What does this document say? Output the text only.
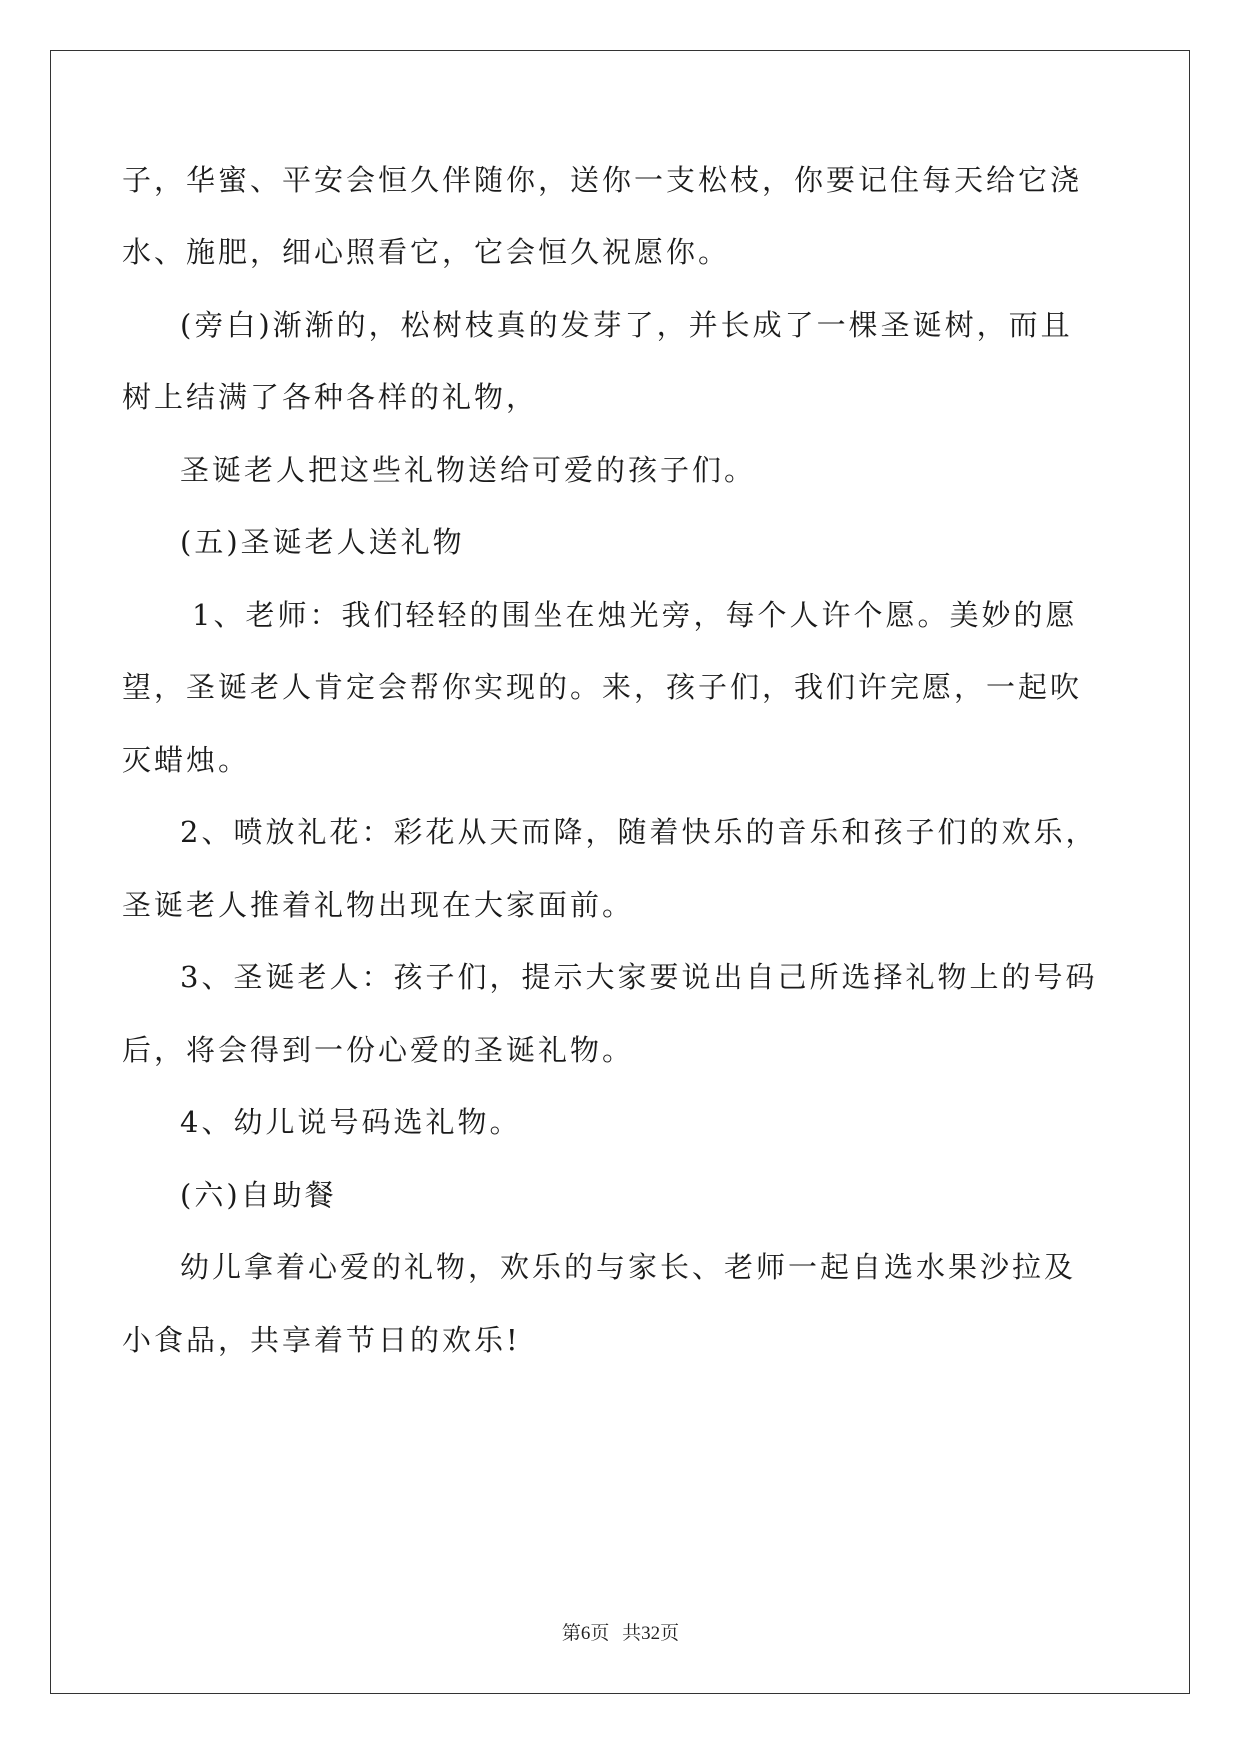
子，华蜜、平安会恒久伴随你，送你一支松枝，你要记住每天给它浇
水、施肥，细心照看它，它会恒久祝愿你。
(旁白)渐渐的，松树枝真的发芽了，并长成了一棵圣诞树，而且
树上结满了各种各样的礼物，
圣诞老人把这些礼物送给可爱的孩子们。
(五)圣诞老人送礼物
1、老师：我们轻轻的围坐在烛光旁，每个人许个愿。美妙的愿
望，圣诞老人肯定会帮你实现的。来，孩子们，我们许完愿，一起吹
灭蜡烛。
2、喷放礼花：彩花从天而降，随着快乐的音乐和孩子们的欢乐，
圣诞老人推着礼物出现在大家面前。
3、圣诞老人：孩子们，提示大家要说出自己所选择礼物上的号码
后，将会得到一份心爱的圣诞礼物。
4、幼儿说号码选礼物。
(六)自助餐
幼儿拿着心爱的礼物，欢乐的与家长、老师一起自选水果沙拉及
小食品，共享着节日的欢乐!
第6页 共32页
